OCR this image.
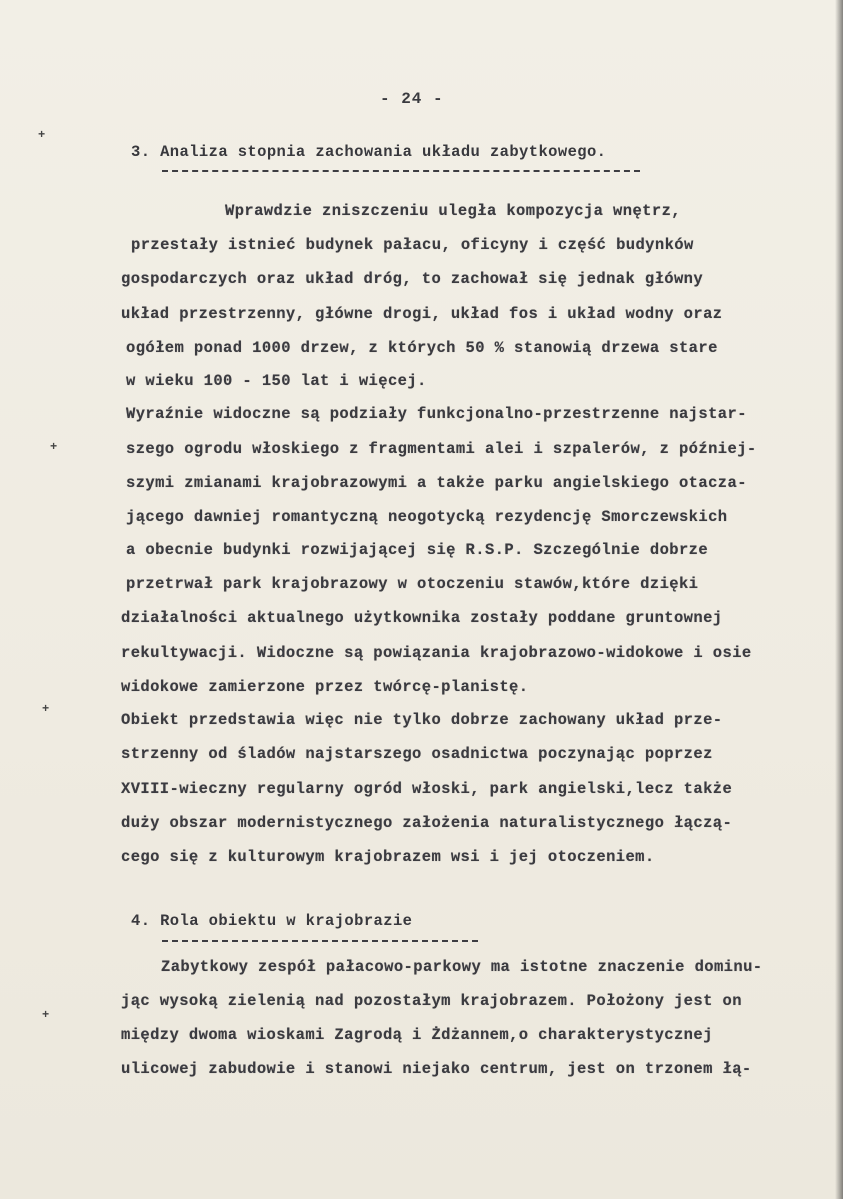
+
+
+
+
- 24 -
3. Analiza stopnia zachowania układu zabytkowego.
Wprawdzie zniszczeniu uległa kompozycja wnętrz,
przestały istnieć budynek pałacu, oficyny i część budynków
gospodarczych oraz układ dróg, to zachował się jednak główny
układ przestrzenny, główne drogi, układ fos i układ wodny oraz
ogółem ponad 1000 drzew, z których 50 % stanowią drzewa stare
w wieku 100 - 150 lat i więcej.
Wyraźnie widoczne są podziały funkcjonalno-przestrzenne najstar-
szego ogrodu włoskiego z fragmentami alei i szpalerów, z później-
szymi zmianami krajobrazowymi a także parku angielskiego otacza-
jącego dawniej romantyczną neogotycką rezydencję Smorczewskich
a obecnie budynki rozwijającej się R.S.P. Szczególnie dobrze
przetrwał park krajobrazowy w otoczeniu stawów,które dzięki
działalności aktualnego użytkownika zostały poddane gruntownej
rekultywacji. Widoczne są powiązania krajobrazowo-widokowe i osie
widokowe zamierzone przez twórcę-planistę.
Obiekt przedstawia więc nie tylko dobrze zachowany układ prze-
strzenny od śladów najstarszego osadnictwa poczynając poprzez
XVIII-wieczny regularny ogród włoski, park angielski,lecz także
duży obszar modernistycznego założenia naturalistycznego łączą-
cego się z kulturowym krajobrazem wsi i jej otoczeniem.
4. Rola obiektu w krajobrazie
Zabytkowy zespół pałacowo-parkowy ma istotne znaczenie dominu-
jąc wysoką zielenią nad pozostałym krajobrazem. Położony jest on
między dwoma wioskami Zagrodą i Żdżannem,o charakterystycznej
ulicowej zabudowie i stanowi niejako centrum, jest on trzonem łą-
